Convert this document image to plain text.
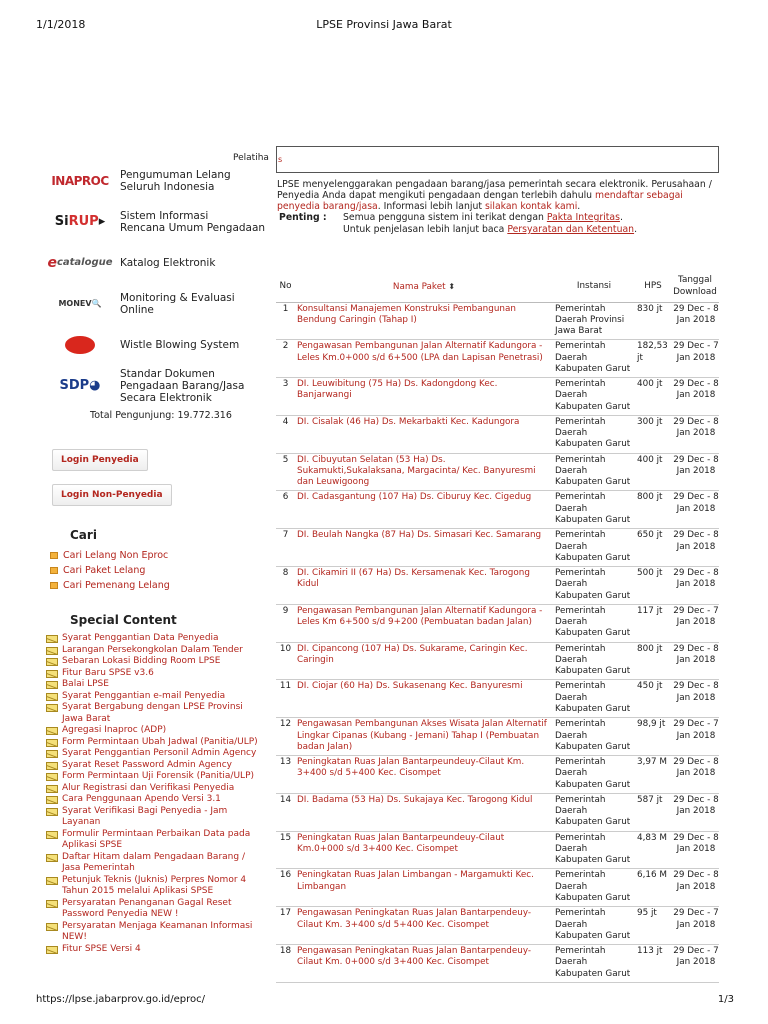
1/1/2018	LPSE Provinsi Jawa Barat
Pelatiha
INAPROC Pengumuman Lelang
Seluruh Indonesia
Si RUP ▸	Sistem Informasi
Rencana Umum Pengadaan
e catalogue Katalog Elektronik
MONEV🔍	Monitoring & Evaluasi
Online
Wistle Blowing System
SDP◕
Standar Dokumen
Pengadaan Barang/Jasa
Secara Elektronik
Total Pengunjung: 19.772.316
Login Penyedia
Login Non-Penyedia
Cari
Cari Lelang Non Eproc
Cari Paket Lelang
Cari Pemenang Lelang
Special Content
Syarat Penggantian Data Penyedia
Larangan Persekongkolan Dalam Tender
Sebaran Lokasi Bidding Room LPSE
Fitur Baru SPSE v3.6
Balai LPSE
Syarat Penggantian e-mail Penyedia
Syarat Bergabung dengan LPSE Provinsi Jawa Barat
Agregasi Inaproc (ADP)
Form Permintaan Ubah Jadwal (Panitia/ULP)
Syarat Penggantian Personil Admin Agency
Syarat Reset Password Admin Agency
Form Permintaan Uji Forensik (Panitia/ULP)
Alur Registrasi dan Verifikasi Penyedia
Cara Penggunaan Apendo Versi 3.1
Syarat Verifikasi Bagi Penyedia - Jam Layanan
Formulir Permintaan Perbaikan Data pada Aplikasi SPSE
Daftar Hitam dalam Pengadaan Barang / Jasa Pemerintah
Petunjuk Teknis (Juknis) Perpres Nomor 4 Tahun 2015 melalui Aplikasi SPSE
Persyaratan Penanganan Gagal Reset Password Penyedia NEW !
Persyaratan Menjaga Keamanan Informasi NEW!
Fitur SPSE Versi 4
s
LPSE menyelenggarakan pengadaan barang/jasa pemerintah secara elektronik. Perusahaan / Penyedia Anda dapat mengikuti pengadaan dengan terlebih dahulu mendaftar sebagai penyedia barang/jasa. Informasi lebih lanjut silakan kontak kami.
Penting :	Semua pengguna sistem ini terikat dengan Pakta Integritas.
Untuk penjelasan lebih lanjut baca Persyaratan dan Ketentuan.
No	Nama Paket ⬍	Instansi	HPS	Tanggal Download
1	Konsultansi Manajemen Konstruksi Pembangunan Bendung Caringin (Tahap I)	Pemerintah Daerah Provinsi Jawa Barat	830 jt	29 Dec - 8 Jan 2018
2	Pengawasan Pembangunan Jalan Alternatif Kadungora - Leles Km.0+000 s/d 6+500 (LPA dan Lapisan Penetrasi)	Pemerintah Daerah Kabupaten Garut	182,53 jt	29 Dec - 7 Jan 2018
3	DI. Leuwibitung (75 Ha) Ds. Kadongdong Kec. Banjarwangi	Pemerintah Daerah Kabupaten Garut	400 jt	29 Dec - 8 Jan 2018
4	DI. Cisalak (46 Ha) Ds. Mekarbakti Kec. Kadungora	Pemerintah Daerah Kabupaten Garut	300 jt	29 Dec - 8 Jan 2018
5	DI. Cibuyutan Selatan (53 Ha) Ds. Sukamukti,Sukalaksana, Margacinta/ Kec. Banyuresmi dan Leuwigoong	Pemerintah Daerah Kabupaten Garut	400 jt	29 Dec - 8 Jan 2018
6	DI. Cadasgantung (107 Ha) Ds. Ciburuy Kec. Cigedug	Pemerintah Daerah Kabupaten Garut	800 jt	29 Dec - 8 Jan 2018
7	DI. Beulah Nangka (87 Ha) Ds. Simasari Kec. Samarang	Pemerintah Daerah Kabupaten Garut	650 jt	29 Dec - 8 Jan 2018
8	DI. Cikamiri II (67 Ha) Ds. Kersamenak Kec. Tarogong Kidul	Pemerintah Daerah Kabupaten Garut	500 jt	29 Dec - 8 Jan 2018
9	Pengawasan Pembangunan Jalan Alternatif Kadungora - Leles Km 6+500 s/d 9+200 (Pembuatan badan Jalan)	Pemerintah Daerah Kabupaten Garut	117 jt	29 Dec - 7 Jan 2018
10	DI. Cipancong (107 Ha) Ds. Sukarame, Caringin Kec. Caringin	Pemerintah Daerah Kabupaten Garut	800 jt	29 Dec - 8 Jan 2018
11	DI. Ciojar (60 Ha) Ds. Sukasenang Kec. Banyuresmi	Pemerintah Daerah Kabupaten Garut	450 jt	29 Dec - 8 Jan 2018
12	Pengawasan Pembangunan Akses Wisata Jalan Alternatif Lingkar Cipanas (Kubang - Jemani) Tahap I (Pembuatan badan Jalan)	Pemerintah Daerah Kabupaten Garut	98,9 jt	29 Dec - 7 Jan 2018
13	Peningkatan Ruas Jalan Bantarpeundeuy-Cilaut Km. 3+400 s/d 5+400 Kec. Cisompet	Pemerintah Daerah Kabupaten Garut	3,97 M	29 Dec - 8 Jan 2018
14	DI. Badama (53 Ha) Ds. Sukajaya Kec. Tarogong Kidul	Pemerintah Daerah Kabupaten Garut	587 jt	29 Dec - 8 Jan 2018
15	Peningkatan Ruas Jalan Bantarpeundeuy-Cilaut Km.0+000 s/d 3+400 Kec. Cisompet	Pemerintah Daerah Kabupaten Garut	4,83 M	29 Dec - 8 Jan 2018
16	Peningkatan Ruas Jalan Limbangan - Margamukti Kec. Limbangan	Pemerintah Daerah Kabupaten Garut	6,16 M	29 Dec - 8 Jan 2018
17	Pengawasan Peningkatan Ruas Jalan Bantarpendeuy-Cilaut Km. 3+400 s/d 5+400 Kec. Cisompet	Pemerintah Daerah Kabupaten Garut	95 jt	29 Dec - 7 Jan 2018
18	Pengawasan Peningkatan Ruas Jalan Bantarpendeuy-Cilaut Km. 0+000 s/d 3+400 Kec. Cisompet	Pemerintah Daerah Kabupaten Garut	113 jt	29 Dec - 7 Jan 2018
https://lpse.jabarprov.go.id/eproc/	1/3
